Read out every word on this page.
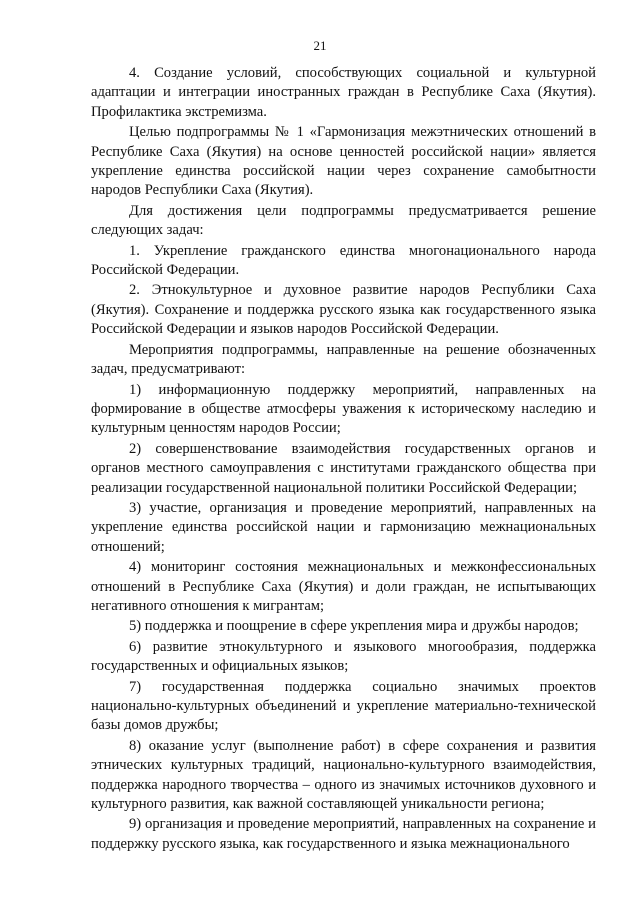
21

4. Создание условий, способствующих социальной и культурной адаптации и интеграции иностранных граждан в Республике Саха (Якутия). Профилактика экстремизма.

Целью подпрограммы № 1 «Гармонизация межэтнических отношений в Республике Саха (Якутия) на основе ценностей российской нации» является укрепление единства российской нации через сохранение самобытности народов Республики Саха (Якутия).

Для достижения цели подпрограммы предусматривается решение следующих задач:

1. Укрепление гражданского единства многонационального народа Российской Федерации.

2. Этнокультурное и духовное развитие народов Республики Саха (Якутия). Сохранение и поддержка русского языка как государственного языка Российской Федерации и языков народов Российской Федерации.

Мероприятия подпрограммы, направленные на решение обозначенных задач, предусматривают:

1) информационную поддержку мероприятий, направленных на формирование в обществе атмосферы уважения к историческому наследию и культурным ценностям народов России;

2) совершенствование взаимодействия государственных органов и органов местного самоуправления с институтами гражданского общества при реализации государственной национальной политики Российской Федерации;

3) участие, организация и проведение мероприятий, направленных на укрепление единства российской нации и гармонизацию межнациональных отношений;

4) мониторинг состояния межнациональных и межконфессиональных отношений в Республике Саха (Якутия) и доли граждан, не испытывающих негативного отношения к мигрантам;

5) поддержка и поощрение в сфере укрепления мира и дружбы народов;

6) развитие этнокультурного и языкового многообразия, поддержка государственных и официальных языков;

7) государственная поддержка социально значимых проектов национально-культурных объединений и укрепление материально-технической базы домов дружбы;

8) оказание услуг (выполнение работ) в сфере сохранения и развития этнических культурных традиций, национально-культурного взаимодействия, поддержка народного творчества – одного из значимых источников духовного и культурного развития, как важной составляющей уникальности региона;

9) организация и проведение мероприятий, направленных на сохранение и поддержку русского языка, как государственного и языка межнационального
